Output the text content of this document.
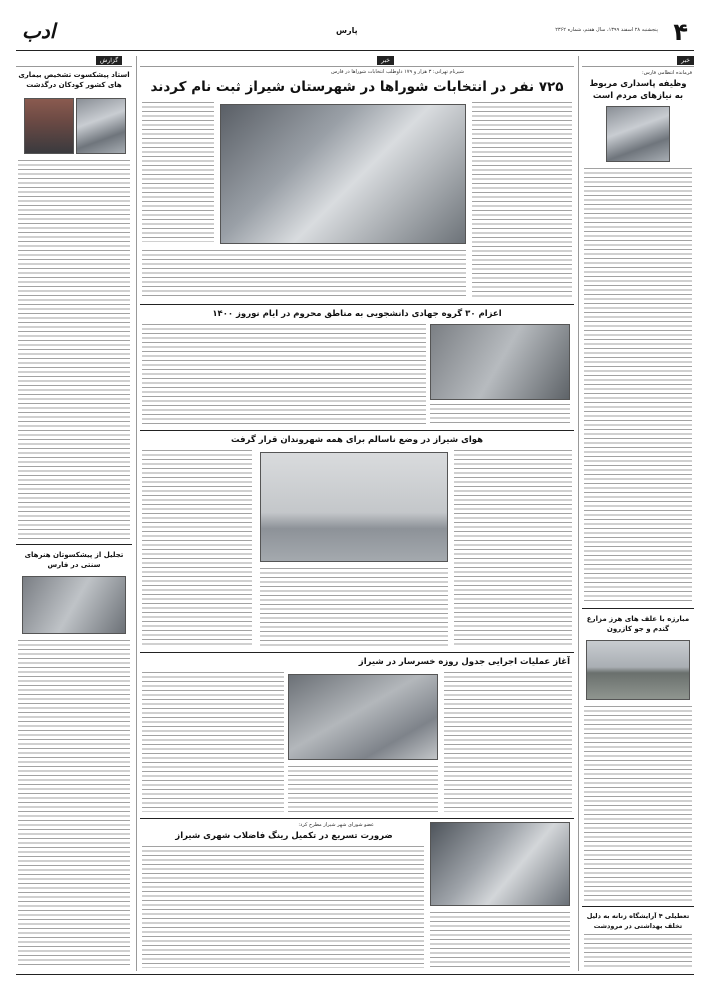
۴
پنجشنبه ۲۸ اسفند ۱۳۹۹، سال هفتم، شماره ۲۳۶۲
پارس
ادب
خبر
فرمانده انتظامی فارس:
وظیفه پاسداری مربوط به نیازهای مردم است
مبارزه با علف های هرز مزارع گندم و جو کازرون
تعطیلی ۴ آرایشگاه زنانه به دلیل تخلف بهداشتی در مرودشت
خبر
شیرنام تهرانی: ۳ هزار و ۱۷۹ داوطلب انتخابات شوراها در فارس
۷۲۵ نفر در انتخابات شوراها در شهرستان شیراز ثبت نام کردند
اعزام ۳۰ گروه جهادی دانشجویی به مناطق محروم در ایام نوروز ۱۴۰۰
هوای شیراز در وضع ناسالم برای همه شهروندان قرار گرفت
آغاز عملیات اجرایی جدول روزه خسرسار در شیراز
عضو شورای شهر شیراز مطرح کرد:
ضرورت تسریع در تکمیل رینگ فاضلاب شهری شیراز
گزارش
استاد پیشکسوت تشخیص بیماری های کشور کودکان درگذشت
تجلیل از پیشکسوتان هنرهای سنتی در فارس
